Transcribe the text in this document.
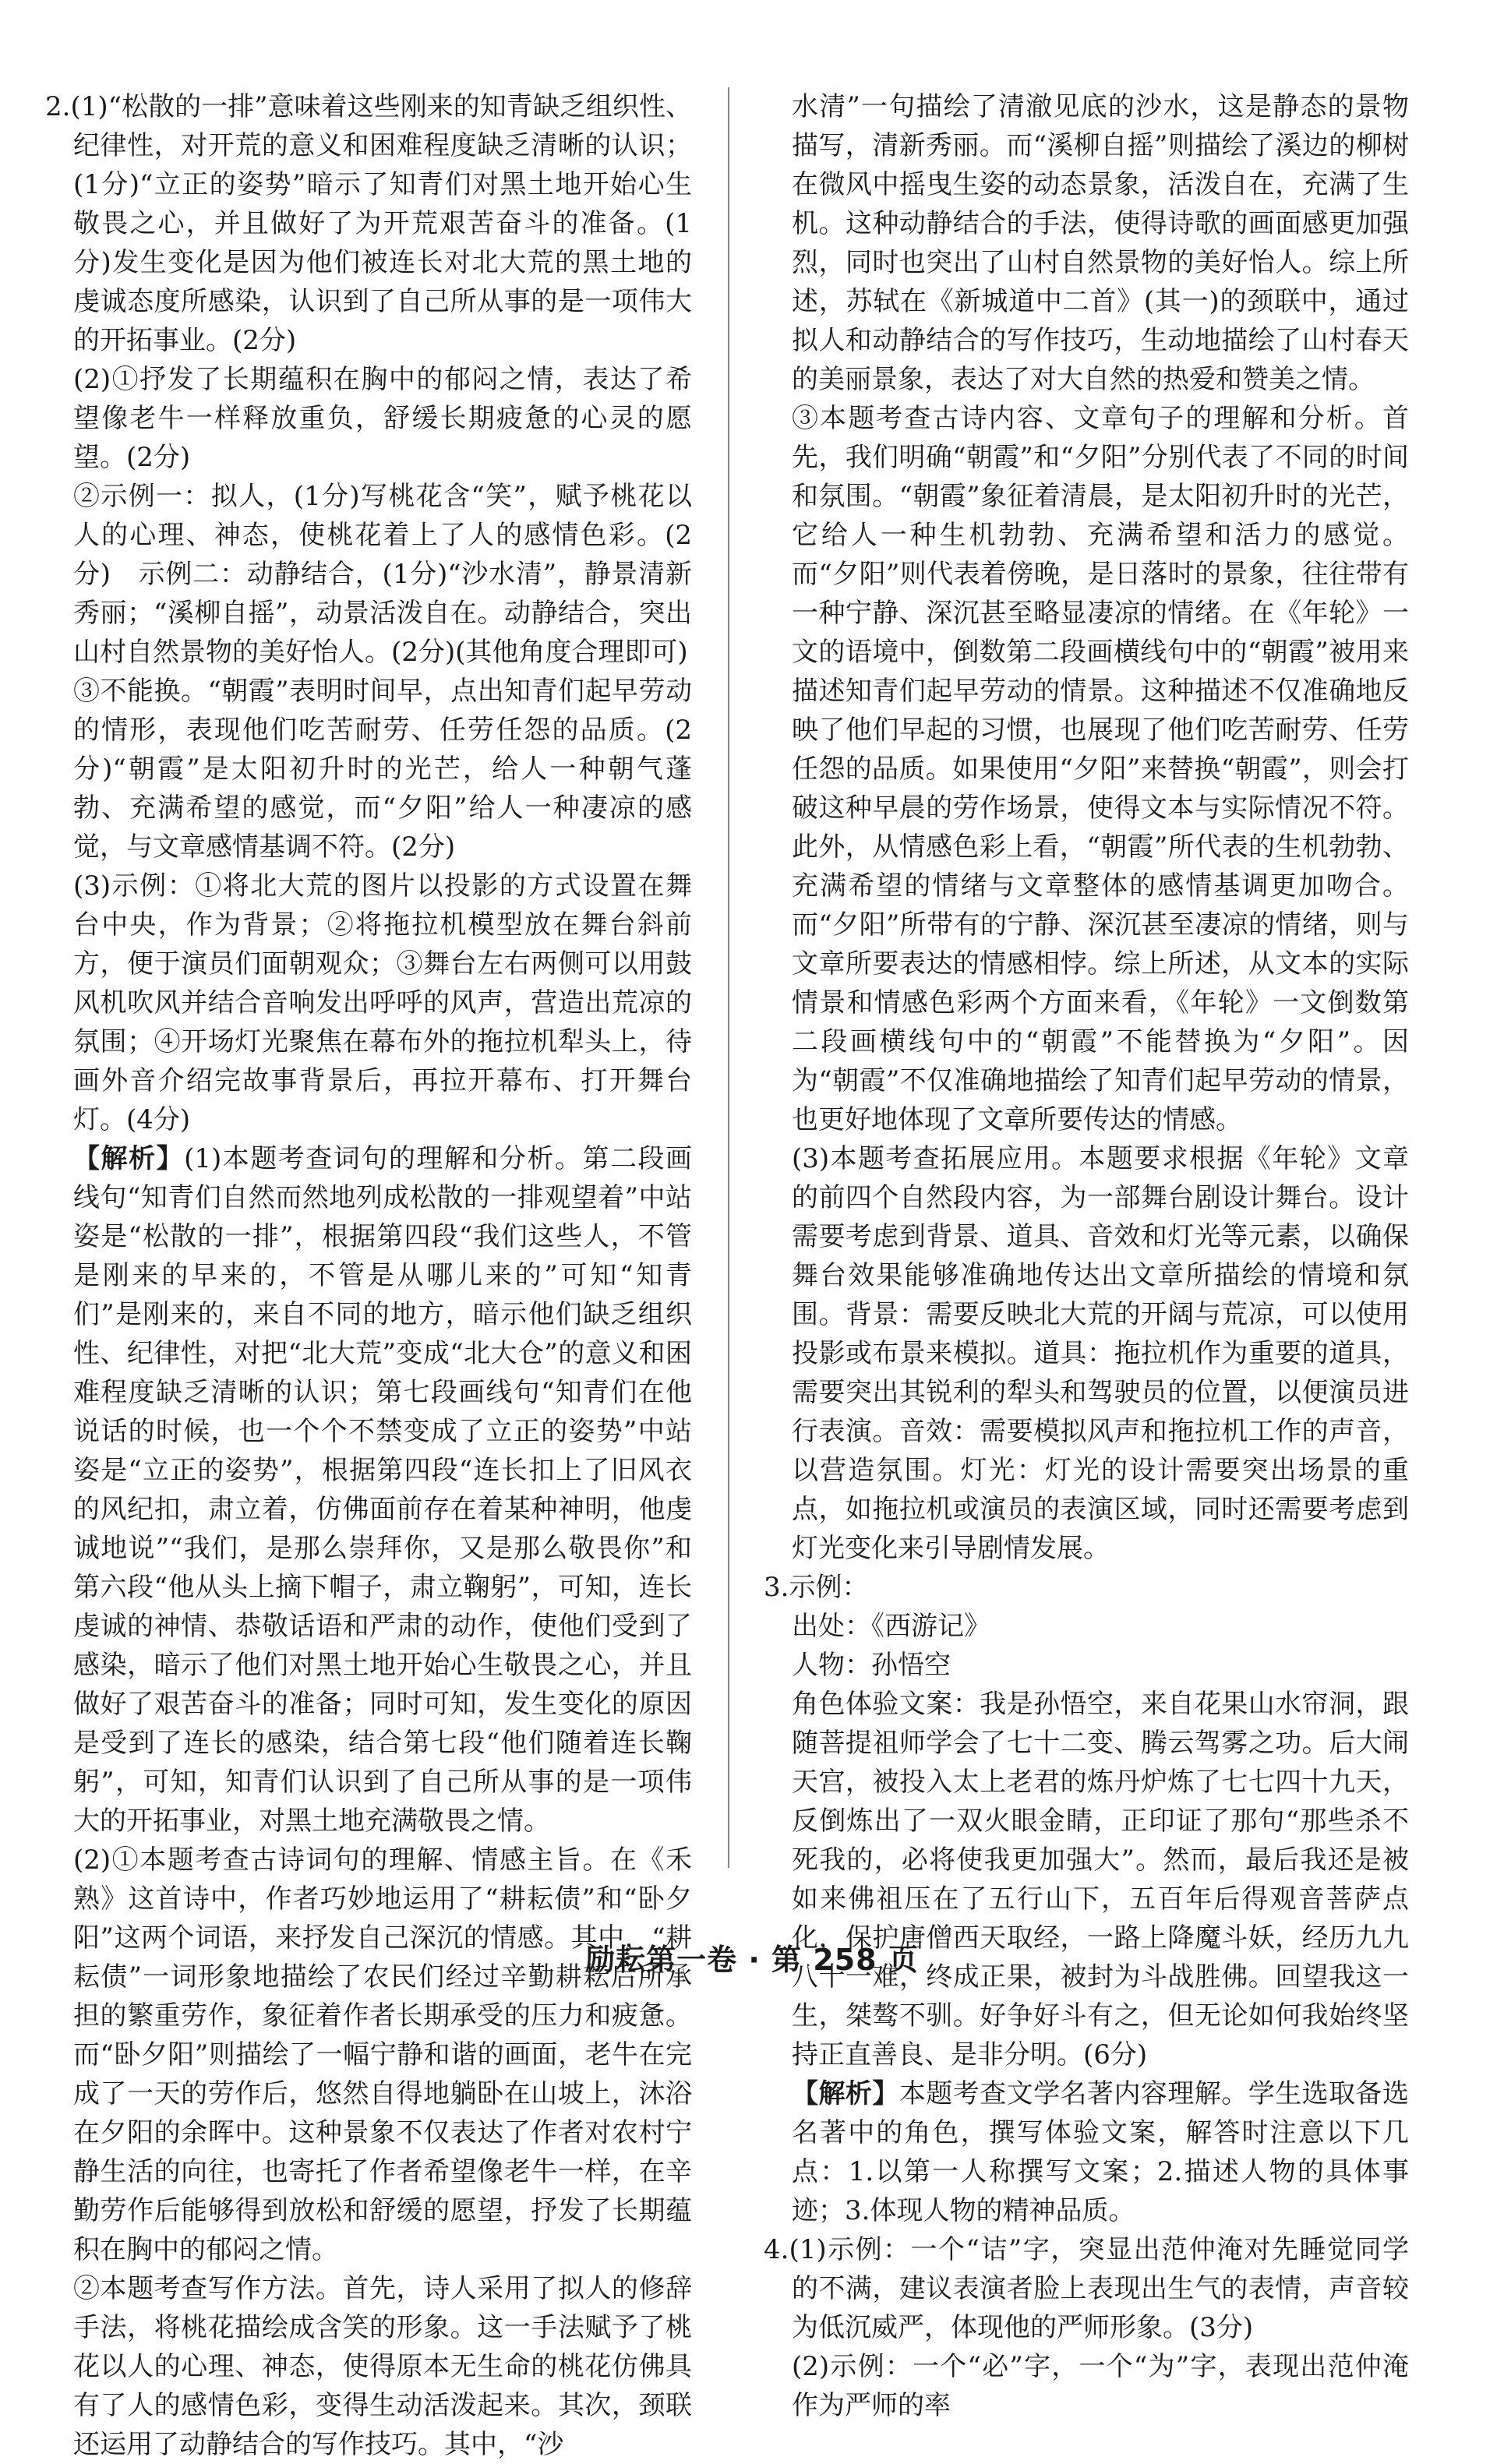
2.(1)“松散的一排”意味着这些刚来的知青缺乏组织性、纪律性，对开荒的意义和困难程度缺乏清晰的认识；(1分)“立正的姿势”暗示了知青们对黑土地开始心生敬畏之心，并且做好了为开荒艰苦奋斗的准备。(1分)发生变化是因为他们被连长对北大荒的黑土地的虔诚态度所感染，认识到了自己所从事的是一项伟大的开拓事业。(2分)

(2)①抒发了长期蕴积在胸中的郁闷之情，表达了希望像老牛一样释放重负，舒缓长期疲惫的心灵的愿望。(2分)

②示例一：拟人，(1分)写桃花含“笑”，赋予桃花以人的心理、神态，使桃花着上了人的感情色彩。(2分)　示例二：动静结合，(1分)“沙水清”，静景清新秀丽；“溪柳自摇”，动景活泼自在。动静结合，突出山村自然景物的美好怡人。(2分)(其他角度合理即可)

③不能换。“朝霞”表明时间早，点出知青们起早劳动的情形，表现他们吃苦耐劳、任劳任怨的品质。(2分)“朝霞”是太阳初升时的光芒，给人一种朝气蓬勃、充满希望的感觉，而“夕阳”给人一种凄凉的感觉，与文章感情基调不符。(2分)

(3)示例：①将北大荒的图片以投影的方式设置在舞台中央，作为背景；②将拖拉机模型放在舞台斜前方，便于演员们面朝观众；③舞台左右两侧可以用鼓风机吹风并结合音响发出呼呼的风声，营造出荒凉的氛围；④开场灯光聚焦在幕布外的拖拉机犁头上，待画外音介绍完故事背景后，再拉开幕布、打开舞台灯。(4分)

【解析】(1)本题考查词句的理解和分析。第二段画线句“知青们自然而然地列成松散的一排观望着”中站姿是“松散的一排”，根据第四段“我们这些人，不管是刚来的早来的，不管是从哪儿来的”可知“知青们”是刚来的，来自不同的地方，暗示他们缺乏组织性、纪律性，对把“北大荒”变成“北大仓”的意义和困难程度缺乏清晰的认识；第七段画线句“知青们在他说话的时候，也一个个不禁变成了立正的姿势”中站姿是“立正的姿势”，根据第四段“连长扣上了旧风衣的风纪扣，肃立着，仿佛面前存在着某种神明，他虔诚地说”“我们，是那么崇拜你，又是那么敬畏你”和第六段“他从头上摘下帽子，肃立鞠躬”，可知，连长虔诚的神情、恭敬话语和严肃的动作，使他们受到了感染，暗示了他们对黑土地开始心生敬畏之心，并且做好了艰苦奋斗的准备；同时可知，发生变化的原因是受到了连长的感染，结合第七段“他们随着连长鞠躬”，可知，知青们认识到了自己所从事的是一项伟大的开拓事业，对黑土地充满敬畏之情。

(2)①本题考查古诗词句的理解、情感主旨。在《禾熟》这首诗中，作者巧妙地运用了“耕耘债”和“卧夕阳”这两个词语，来抒发自己深沉的情感。其中，“耕耘债”一词形象地描绘了农民们经过辛勤耕耘后所承担的繁重劳作，象征着作者长期承受的压力和疲惫。而“卧夕阳”则描绘了一幅宁静和谐的画面，老牛在完成了一天的劳作后，悠然自得地躺卧在山坡上，沐浴在夕阳的余晖中。这种景象不仅表达了作者对农村宁静生活的向往，也寄托了作者希望像老牛一样，在辛勤劳作后能够得到放松和舒缓的愿望，抒发了长期蕴积在胸中的郁闷之情。

②本题考查写作方法。首先，诗人采用了拟人的修辞手法，将桃花描绘成含笑的形象。这一手法赋予了桃花以人的心理、神态，使得原本无生命的桃花仿佛具有了人的感情色彩，变得生动活泼起来。其次，颈联还运用了动静结合的写作技巧。其中，“沙

水清”一句描绘了清澈见底的沙水，这是静态的景物描写，清新秀丽。而“溪柳自摇”则描绘了溪边的柳树在微风中摇曳生姿的动态景象，活泼自在，充满了生机。这种动静结合的手法，使得诗歌的画面感更加强烈，同时也突出了山村自然景物的美好怡人。综上所述，苏轼在《新城道中二首》(其一)的颈联中，通过拟人和动静结合的写作技巧，生动地描绘了山村春天的美丽景象，表达了对大自然的热爱和赞美之情。

③本题考查古诗内容、文章句子的理解和分析。首先，我们明确“朝霞”和“夕阳”分别代表了不同的时间和氛围。“朝霞”象征着清晨，是太阳初升时的光芒，它给人一种生机勃勃、充满希望和活力的感觉。而“夕阳”则代表着傍晚，是日落时的景象，往往带有一种宁静、深沉甚至略显凄凉的情绪。在《年轮》一文的语境中，倒数第二段画横线句中的“朝霞”被用来描述知青们起早劳动的情景。这种描述不仅准确地反映了他们早起的习惯，也展现了他们吃苦耐劳、任劳任怨的品质。如果使用“夕阳”来替换“朝霞”，则会打破这种早晨的劳作场景，使得文本与实际情况不符。此外，从情感色彩上看，“朝霞”所代表的生机勃勃、充满希望的情绪与文章整体的感情基调更加吻合。而“夕阳”所带有的宁静、深沉甚至凄凉的情绪，则与文章所要表达的情感相悖。综上所述，从文本的实际情景和情感色彩两个方面来看，《年轮》一文倒数第二段画横线句中的“朝霞”不能替换为“夕阳”。因为“朝霞”不仅准确地描绘了知青们起早劳动的情景，也更好地体现了文章所要传达的情感。

(3)本题考查拓展应用。本题要求根据《年轮》文章的前四个自然段内容，为一部舞台剧设计舞台。设计需要考虑到背景、道具、音效和灯光等元素，以确保舞台效果能够准确地传达出文章所描绘的情境和氛围。背景：需要反映北大荒的开阔与荒凉，可以使用投影或布景来模拟。道具：拖拉机作为重要的道具，需要突出其锐利的犁头和驾驶员的位置，以便演员进行表演。音效：需要模拟风声和拖拉机工作的声音，以营造氛围。灯光：灯光的设计需要突出场景的重点，如拖拉机或演员的表演区域，同时还需要考虑到灯光变化来引导剧情发展。

3.示例：

出处：《西游记》

人物：孙悟空

角色体验文案：我是孙悟空，来自花果山水帘洞，跟随菩提祖师学会了七十二变、腾云驾雾之功。后大闹天宫，被投入太上老君的炼丹炉炼了七七四十九天，反倒炼出了一双火眼金睛，正印证了那句“那些杀不死我的，必将使我更加强大”。然而，最后我还是被如来佛祖压在了五行山下，五百年后得观音菩萨点化，保护唐僧西天取经，一路上降魔斗妖，经历九九八十一难，终成正果，被封为斗战胜佛。回望我这一生，桀骜不驯。好争好斗有之，但无论如何我始终坚持正直善良、是非分明。(6分)

【解析】本题考查文学名著内容理解。学生选取备选名著中的角色，撰写体验文案，解答时注意以下几点：1.以第一人称撰写文案；2.描述人物的具体事迹；3.体现人物的精神品质。

4.(1)示例：一个“诘”字，突显出范仲淹对先睡觉同学的不满，建议表演者脸上表现出生气的表情，声音较为低沉威严，体现他的严师形象。(3分)

(2)示例：一个“必”字，一个“为”字，表现出范仲淹作为严师的率

励耘第一卷 · 第 258 页
